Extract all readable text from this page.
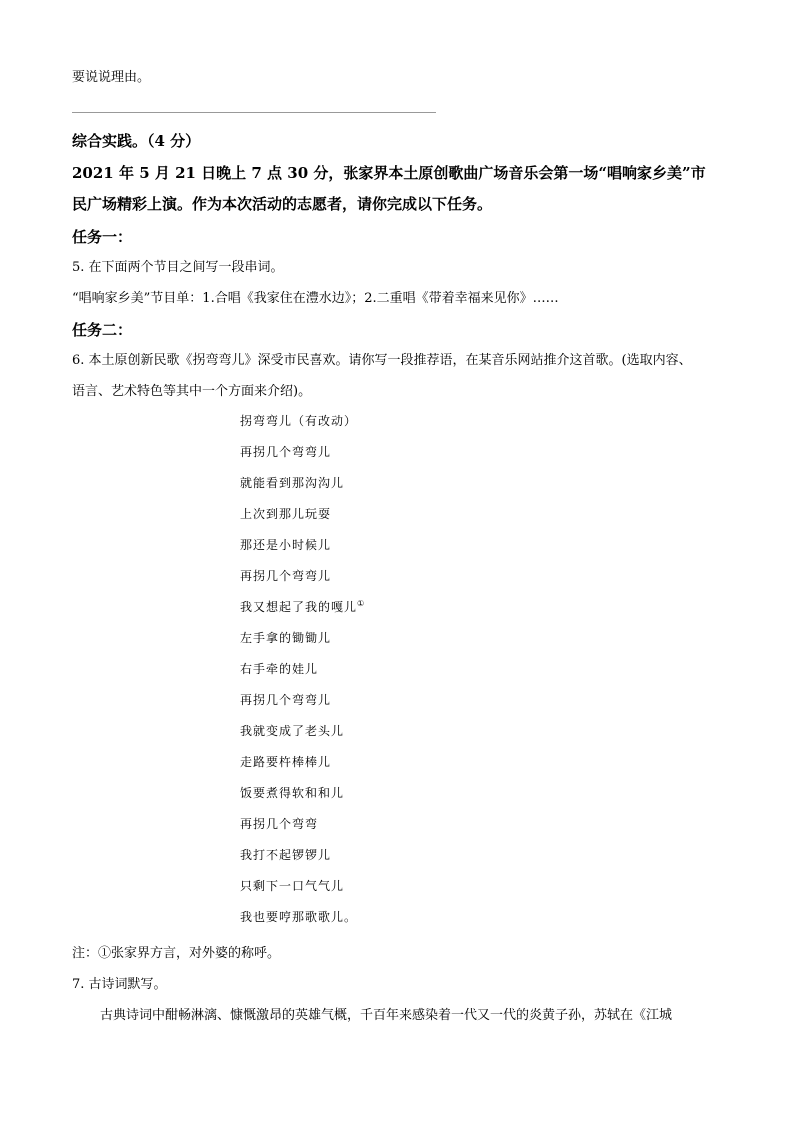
要说说理由。
综合实践。（4 分）
2021 年 5 月 21 日晚上 7 点 30 分，张家界本土原创歌曲广场音乐会第一场“唱响家乡美”市
民广场精彩上演。作为本次活动的志愿者，请你完成以下任务。
任务一：
5. 在下面两个节目之间写一段串词。
“唱响家乡美”节目单：1.合唱《我家住在澧水边》；2.二重唱《带着幸福来见你》……
任务二：
6. 本土原创新民歌《拐弯弯儿》深受市民喜欢。请你写一段推荐语，在某音乐网站推介这首歌。(选取内容、
语言、艺术特色等其中一个方面来介绍)。
拐弯弯儿（有改动）
再拐几个弯弯儿
就能看到那沟沟儿
上次到那儿玩耍
那还是小时候儿
再拐几个弯弯儿
我又想起了我的嘎儿①
左手拿的锄锄儿
右手牵的娃儿
再拐几个弯弯儿
我就变成了老头儿
走路要杵棒棒儿
饭要煮得软和和儿
再拐几个弯弯
我打不起锣锣儿
只剩下一口气气儿
我也要哼那歌歌儿。
注：①张家界方言，对外婆的称呼。
7. 古诗词默写。
古典诗词中酣畅淋漓、慷慨激昂的英雄气概，千百年来感染着一代又一代的炎黄子孙，苏轼在《江城
